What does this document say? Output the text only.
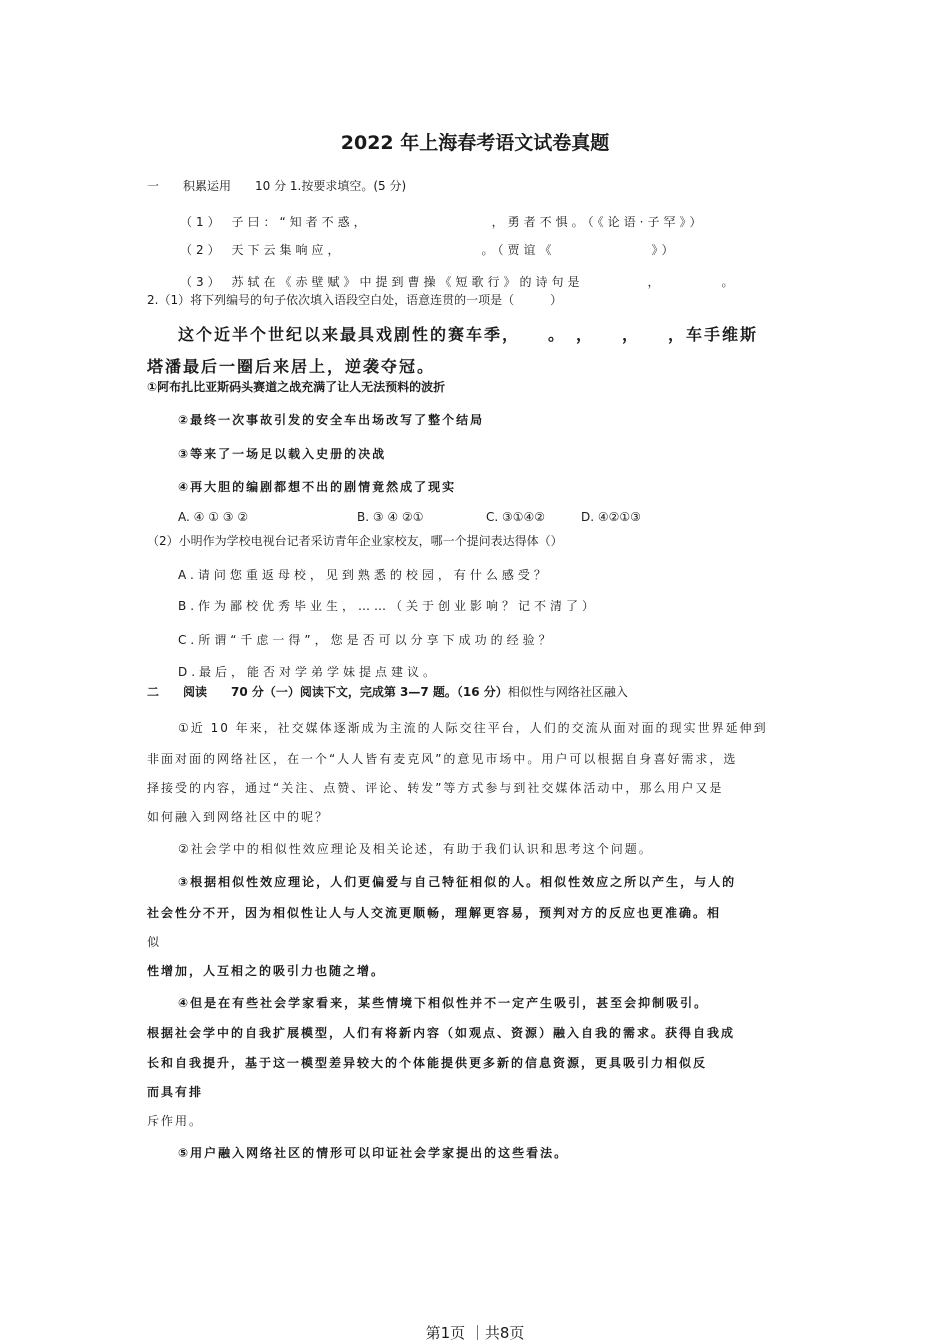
2022 年上海春考语文试卷真题
一　　积累运用　　10 分 1.按要求填空。(5 分)
（1） 子曰：“知者不惑，　　　　　　　　，勇者不惧。（《论语·子罕》）
（2） 天下云集响应，　　　　　　　　　。（贾谊《　　　　　　》）
（3） 苏轼在《赤壁赋》中提到曹操《短歌行》的诗句是　　　　，　　　　。
2.（1）将下列编号的句子依次填入语段空白处，语意连贯的一项是（　　　）
这个近半个世纪以来最具戏剧性的赛车季，　　。　，　　，　　，车手维斯
塔潘最后一圈后来居上，逆袭夺冠。
①阿布扎比亚斯码头赛道之战充满了让人无法预料的波折
②最终一次事故引发的安全车出场改写了整个结局
③等来了一场足以载入史册的决战
④再大胆的编剧都想不出的剧情竟然成了现实
A. ④ ① ③ ②	B. ③ ④ ②①	C. ③①④②	D. ④②①③
（2）小明作为学校电视台记者采访青年企业家校友，哪一个提问表达得体（）
A.请问您重返母校，见到熟悉的校园，有什么感受？
B.作为鄙校优秀毕业生，……（关于创业影响？记不清了）
C.所谓“千虑一得”，您是否可以分享下成功的经验？
D.最后，能否对学弟学妹提点建议。
二　　阅读　　70 分（一）阅读下文，完成第 3—7 题。（16 分）相似性与网络社区融入
①近 10 年来，社交媒体逐渐成为主流的人际交往平台，人们的交流从面对面的现实世界延伸到
非面对面的网络社区，在一个“人人皆有麦克风”的意见市场中。用户可以根据自身喜好需求，选
择接受的内容，通过“关注、点赞、评论、转发”等方式参与到社交媒体活动中，那么用户又是
如何融入到网络社区中的呢？
②社会学中的相似性效应理论及相关论述，有助于我们认识和思考这个问题。
③根据相似性效应理论，人们更偏爱与自己特征相似的人。相似性效应之所以产生，与人的
社会性分不开，因为相似性让人与人交流更顺畅，理解更容易，预判对方的反应也更准确。相
似
性增加，人互相之的吸引力也随之增。
④但是在有些社会学家看来，某些情境下相似性并不一定产生吸引，甚至会抑制吸引。
根据社会学中的自我扩展模型，人们有将新内容（如观点、资源）融入自我的需求。获得自我成
长和自我提升，基于这一模型差异较大的个体能提供更多新的信息资源，更具吸引力相似反
而具有排
斥作用。
⑤用户融入网络社区的情形可以印证社会学家提出的这些看法。
第1页 ｜共8页
